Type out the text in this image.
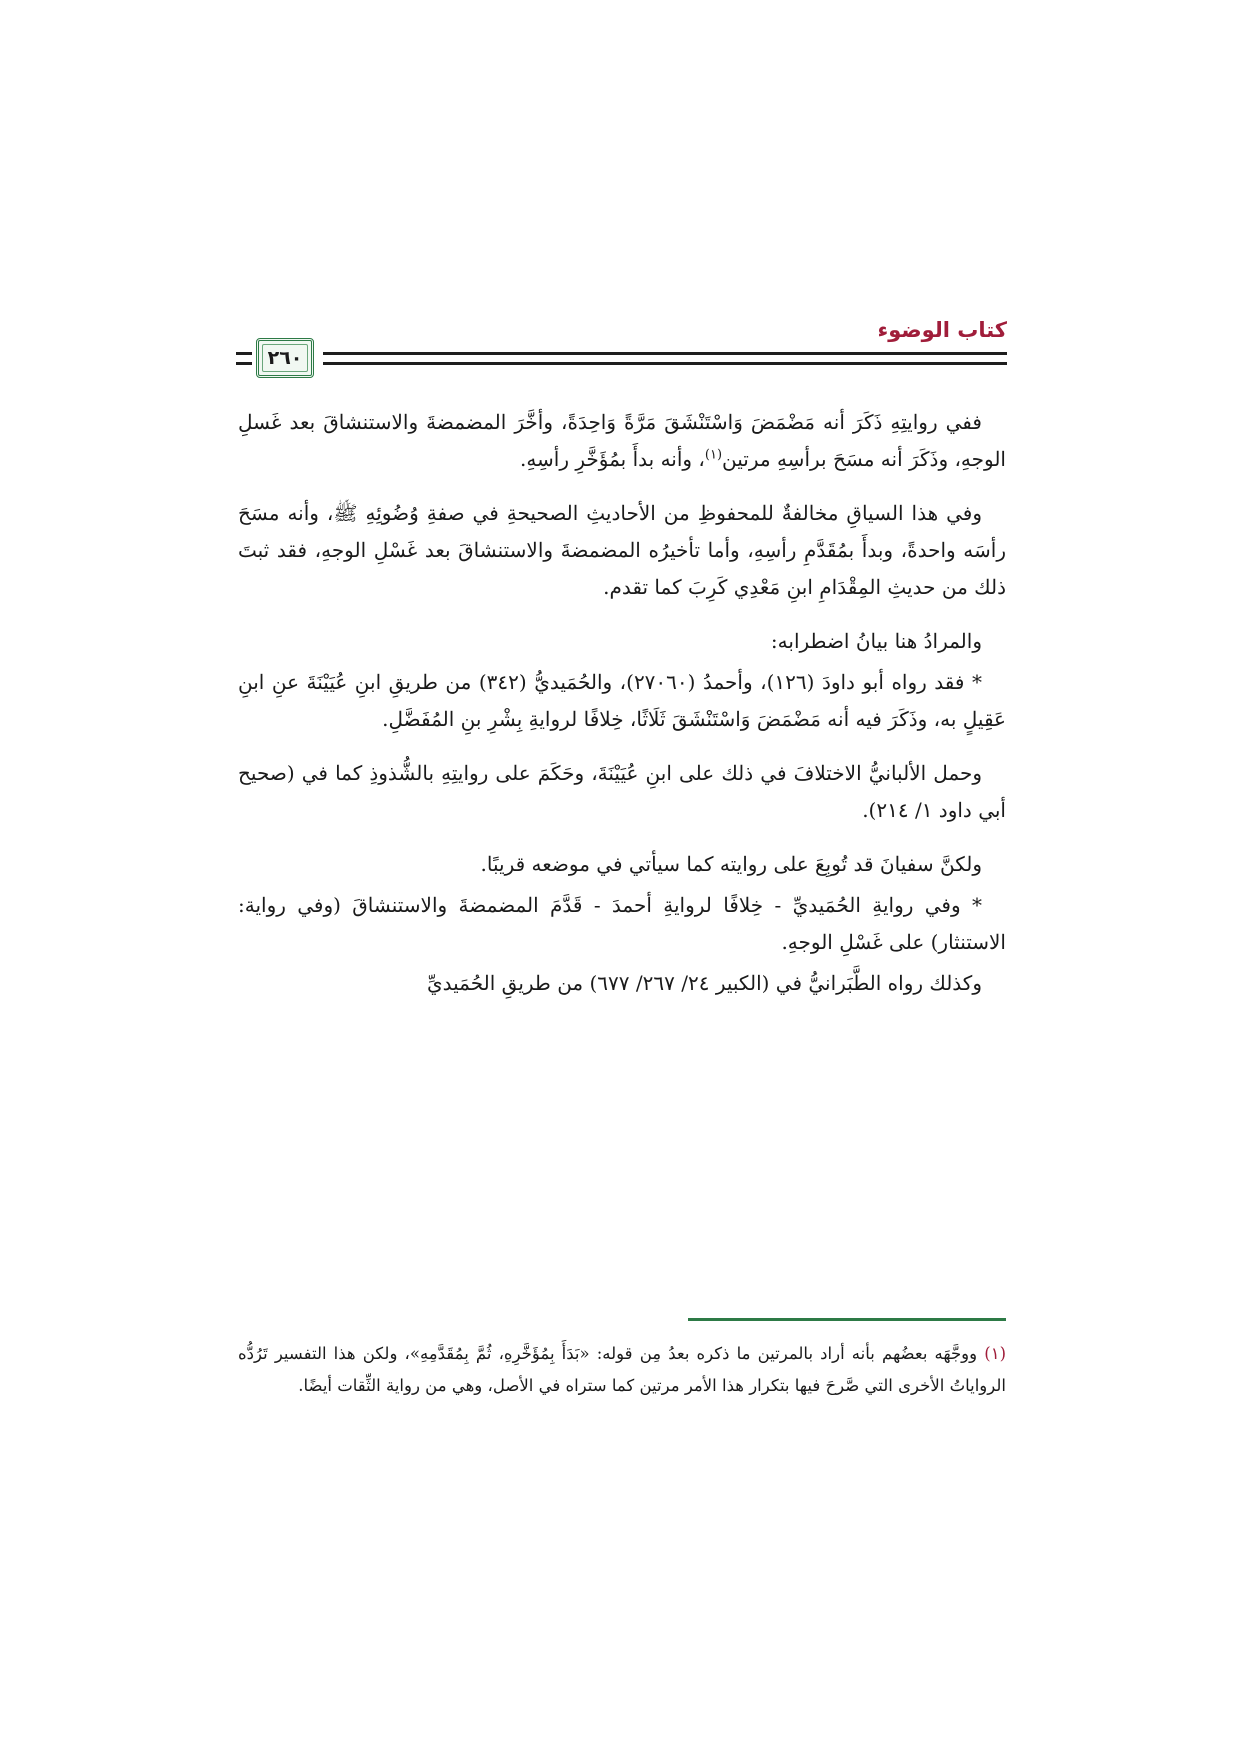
كتاب الوضوء
٢٦٠

ففي روايتِهِ ذَكَرَ أنه مَضْمَضَ وَاسْتَنْشَقَ مَرَّةً وَاحِدَةً، وأخَّرَ المضمضةَ والاستنشاقَ بعد غَسلِ الوجهِ، وذَكَرَ أنه مسَحَ برأسِهِ مرتين$^{(١)}$، وأنه بدأَ بمُؤَخَّرِ رأسِهِ.

وفي هذا السياقِ مخالفةٌ للمحفوظِ من الأحاديثِ الصحيحةِ في صفةِ وُضُوئِهِ ﷺ، وأنه مسَحَ رأسَه واحدةً، وبدأَ بمُقَدَّمِ رأسِهِ، وأما تأخيرُه المضمضةَ والاستنشاقَ بعد غَسْلِ الوجهِ، فقد ثبتَ ذلك من حديثِ المِقْدَامِ ابنِ مَعْدِي كَرِبَ كما تقدم.

والمرادُ هنا بيانُ اضطرابه:

* فقد رواه أبو داودَ (١٢٦)، وأحمدُ (٢٧٠٦٠)، والحُمَيديُّ (٣٤٢) من طريقِ ابنِ عُيَيْنَةَ عنِ ابنِ عَقِيلٍ به، وذَكَرَ فيه أنه مَضْمَضَ وَاسْتَنْشَقَ ثَلَاثًا، خِلافًا لروايةِ بِشْرِ بنِ المُفَضَّلِ.

وحمل الألبانيُّ الاختلافَ في ذلك على ابنِ عُيَيْنَةَ، وحَكَمَ على روايتِهِ بالشُّذوذِ كما في (صحيح أبي داود ١/ ٢١٤).

ولكنَّ سفيانَ قد تُوبِعَ على روايته كما سيأتي في موضعه قريبًا.

* وفي روايةِ الحُمَيديِّ - خِلافًا لروايةِ أحمدَ - قَدَّمَ المضمضةَ والاستنشاقَ (وفي رواية: الاستنثار) على غَسْلِ الوجهِ.

وكذلك رواه الطَّبَرانيُّ في (الكبير ٢٤/ ٢٦٧/ ٦٧٧) من طريقِ الحُمَيديِّ

(١) ووجَّهَه بعضُهم بأنه أراد بالمرتين ما ذكره بعدُ مِن قوله: «بَدَأَ بِمُؤَخَّرِهِ، ثُمَّ بِمُقَدَّمِهِ»، ولكن هذا التفسير تَرُدُّه الرواياتُ الأخرى التي صَّرحَ فيها بتكرار هذا الأمر مرتين كما ستراه في الأصل، وهي من رواية الثِّقات أيضًا.
